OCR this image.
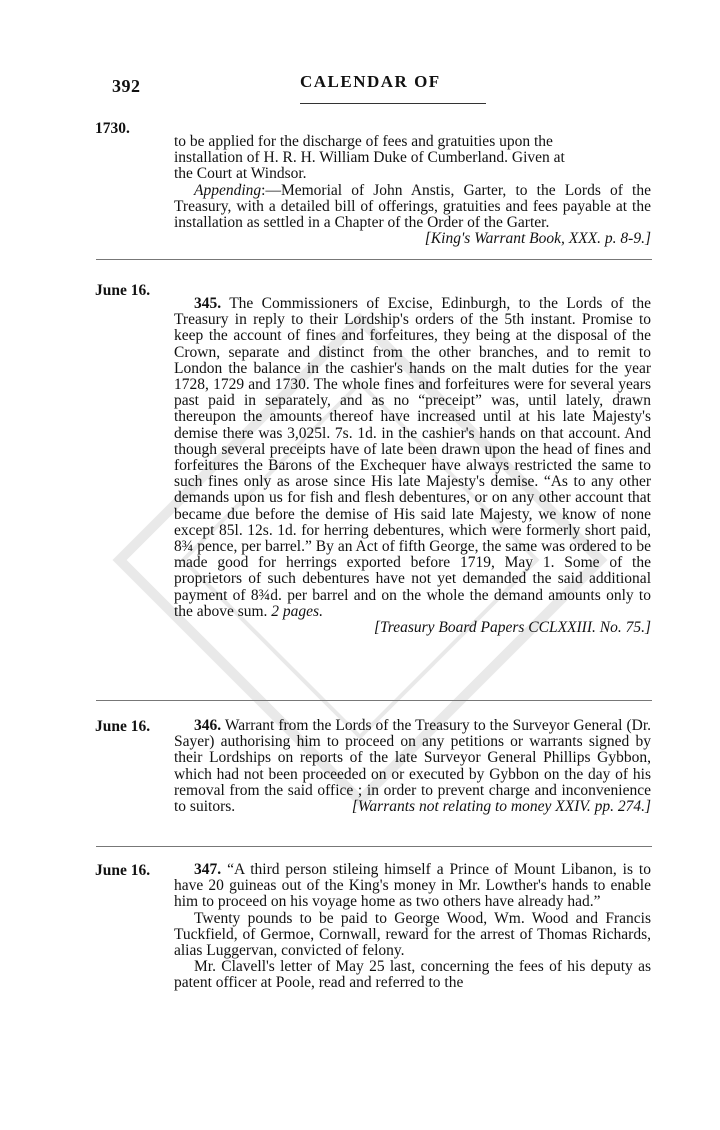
392	CALENDAR OF
1730.

to be applied for the discharge of fees and gratuities upon the

installation of H. R. H. William Duke of Cumberland. Given at

the Court at Windsor.

Appending:—Memorial of John Anstis, Garter, to the Lords of the Treasury, with a detailed bill of offerings, gratuities and fees payable at the installation as settled in a Chapter of the Order of the Garter.
[King's Warrant Book, XXX. p. 8-9.]

June 16.

345. The Commissioners of Excise, Edinburgh, to the Lords of the Treasury in reply to their Lordship's orders of the 5th instant. Promise to keep the account of fines and forfeitures, they being at the disposal of the Crown, separate and distinct from the other branches, and to remit to London the balance in the cashier's hands on the malt duties for the year 1728, 1729 and 1730. The whole fines and forfeitures were for several years past paid in separately, and as no “preceipt” was, until lately, drawn thereupon the amounts thereof have increased until at his late Majesty's demise there was 3,025l. 7s. 1d. in the cashier's hands on that account. And though several preceipts have of late been drawn upon the head of fines and forfeitures the Barons of the Exchequer have always restricted the same to such fines only as arose since His late Majesty's demise. “As to any other demands upon us for fish and flesh debentures, or on any other account that became due before the demise of His said late Majesty, we know of none except 85l. 12s. 1d. for herring debentures, which were formerly short paid, 8¾ pence, per barrel.” By an Act of fifth George, the same was ordered to be made good for herrings exported before 1719, May 1. Some of the proprietors of such debentures have not yet demanded the said additional payment of 8¾d. per barrel and on the whole the demand amounts only to the above sum. 2 pages.

[Treasury Board Papers CCLXXIII. No. 75.]

June 16.	346. Warrant from the Lords of the Treasury to the Surveyor General (Dr. Sayer) authorising him to proceed on any petitions or warrants signed by their Lordships on reports of the late Surveyor General Phillips Gybbon, which had not been proceeded on or executed by Gybbon on the day of his removal from the said office ; in order to prevent charge and inconvenience to suitors.	[Warrants not relating to money XXIV. pp. 274.]

June 16.	347. “A third person stileing himself a Prince of Mount Libanon, is to have 20 guineas out of the King's money in Mr. Lowther's hands to enable him to proceed on his voyage home as two others have already had.”

Twenty pounds to be paid to George Wood, Wm. Wood and Francis Tuckfield, of Germoe, Cornwall, reward for the arrest of Thomas Richards, alias Luggervan, convicted of felony.

Mr. Clavell's letter of May 25 last, concerning the fees of his deputy as patent officer at Poole, read and referred to the
